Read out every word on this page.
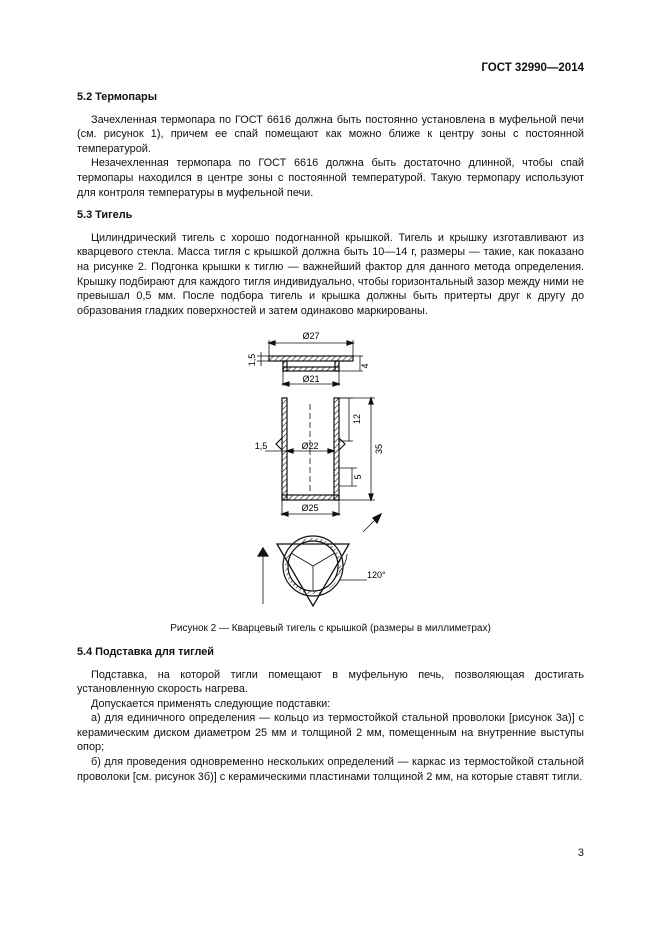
ГОСТ 32990—2014
5.2 Термопары

Зачехленная термопара по ГОСТ 6616 должна быть постоянно установлена в муфельной печи (см. рисунок 1), причем ее спай помещают как можно ближе к центру зоны с постоянной температурой.

Незачехленная термопара по ГОСТ 6616 должна быть достаточно длинной, чтобы спай термопары находился в центре зоны с постоянной температурой. Такую термопару используют для контроля температуры в муфельной печи.

5.3 Тигель

Цилиндрический тигель с хорошо подогнанной крышкой. Тигель и крышку изготавливают из кварцевого стекла. Масса тигля с крышкой должна быть 10—14 г, размеры — такие, как показано на рисунке 2. Подгонка крышки к тиглю — важнейший фактор для данного метода определения. Крышку подбирают для каждого тигля индивидуально, чтобы горизонтальный зазор между ними не превышал 0,5 мм. После подбора тигель и крышка должны быть притерты друг к другу до образования гладких поверхностей и затем одинаково маркированы.

Ø27
Ø21
4
1,5
Ø22
1,5
12
35
5
Ø25
120°
Рисунок 2 — Кварцевый тигель с крышкой (размеры в миллиметрах)
5.4 Подставка для тиглей

Подставка, на которой тигли помещают в муфельную печь, позволяющая достигать установленную скорость нагрева.

Допускается применять следующие подставки:

а) для единичного определения — кольцо из термостойкой стальной проволоки [рисунок 3а)] с керамическим диском диаметром 25 мм и толщиной 2 мм, помещенным на внутренние выступы опор;

б) для проведения одновременно нескольких определений — каркас из термостойкой стальной проволоки [см. рисунок 3б)] с керамическими пластинами толщиной 2 мм, на которые ставят тигли.

3
